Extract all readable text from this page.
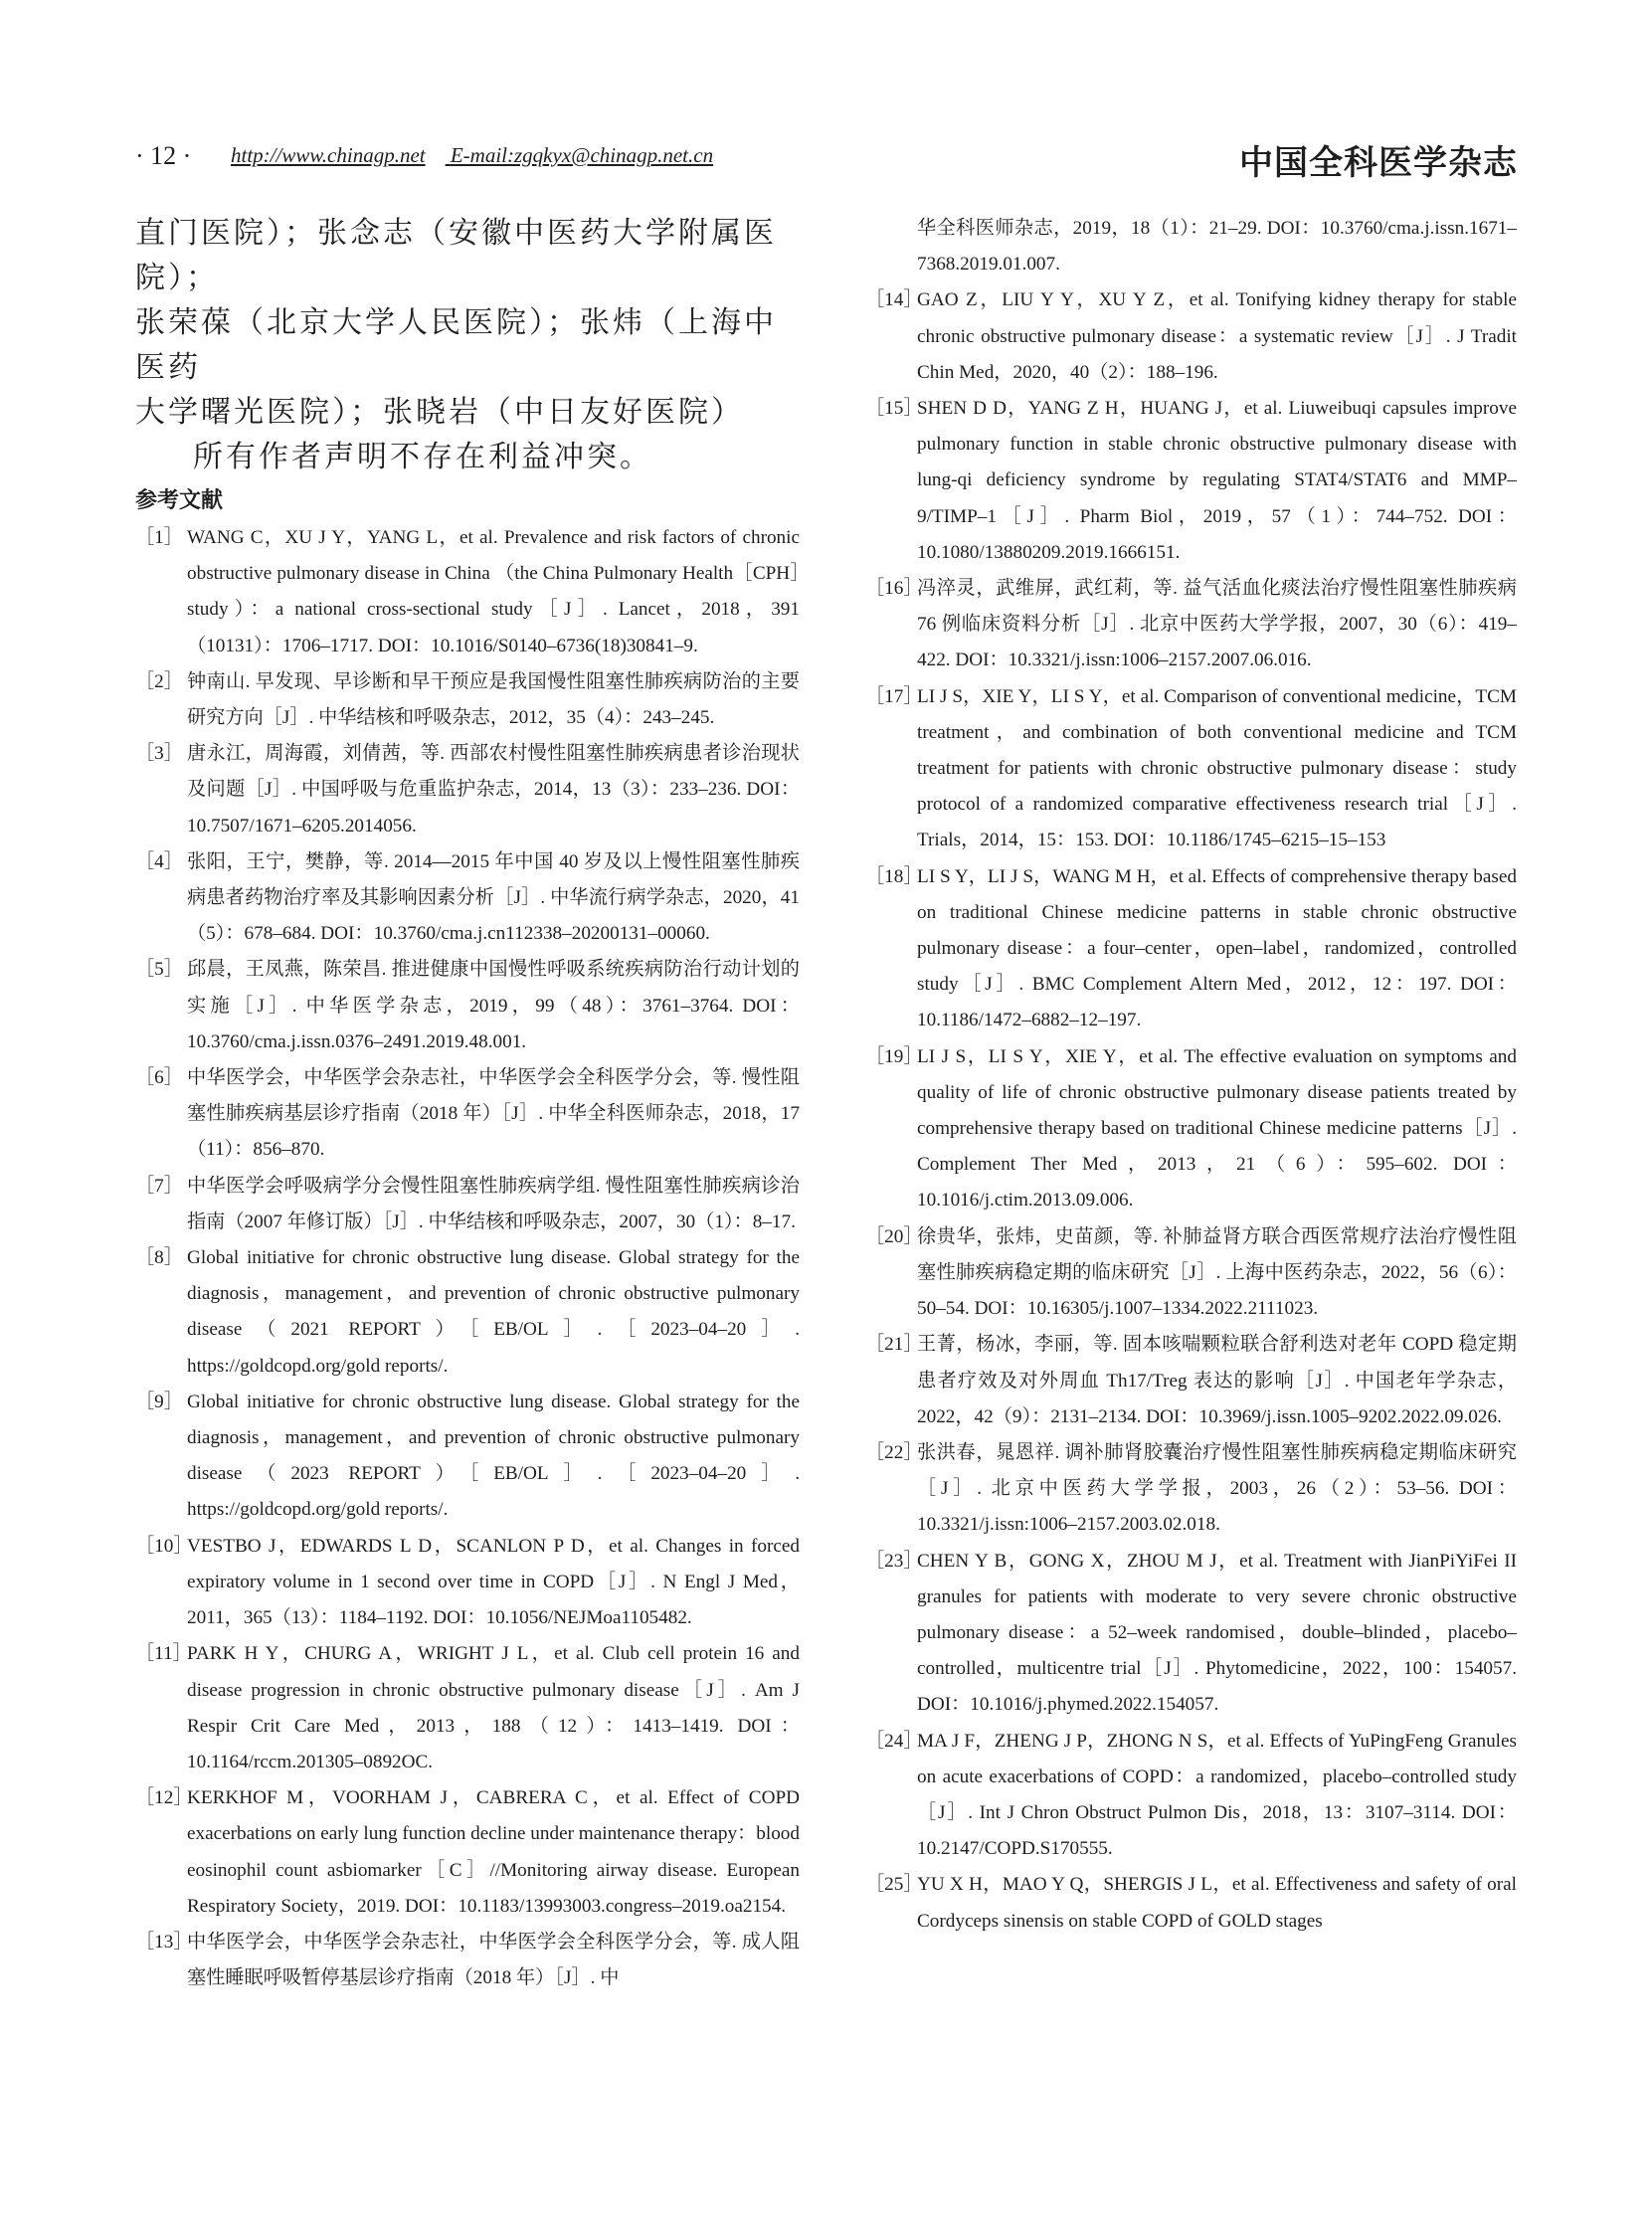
· 12 · http://www.chinagp.net E-mail:zgqkyx@chinagp.net.cn	中国全科医学杂志
直门医院）；张念志（安徽中医药大学附属医院）；
张荣葆（北京大学人民医院）；张炜（上海中医药
大学曙光医院）；张晓岩（中日友好医院）
所有作者声明不存在利益冲突。
参考文献
［1］ WANG C，XU J Y，YANG L，et al. Prevalence and risk factors of chronic obstructive pulmonary disease in China （the China Pulmonary Health［CPH］study）：a national cross-sectional study［J］. Lancet，2018，391（10131）：1706–1717. DOI：10.1016/S0140–6736(18)30841–9.
［2］ 钟南山. 早发现、早诊断和早干预应是我国慢性阻塞性肺疾病防治的主要研究方向［J］. 中华结核和呼吸杂志，2012，35（4）：243–245.
［3］ 唐永江，周海霞，刘倩茜，等. 西部农村慢性阻塞性肺疾病患者诊治现状及问题［J］. 中国呼吸与危重监护杂志，2014，13（3）：233–236. DOI：10.7507/1671–6205.2014056.
［4］ 张阳，王宁，樊静，等. 2014—2015 年中国 40 岁及以上慢性阻塞性肺疾病患者药物治疗率及其影响因素分析［J］. 中华流行病学杂志，2020，41（5）：678–684. DOI：10.3760/cma.j.cn112338–20200131–00060.
［5］ 邱晨，王凤燕，陈荣昌. 推进健康中国慢性呼吸系统疾病防治行动计划的实施［J］. 中华医学杂志，2019，99（48）：3761–3764. DOI：10.3760/cma.j.issn.0376–2491.2019.48.001.
［6］ 中华医学会，中华医学会杂志社，中华医学会全科医学分会，等. 慢性阻塞性肺疾病基层诊疗指南（2018 年）［J］. 中华全科医师杂志，2018，17（11）：856–870.
［7］ 中华医学会呼吸病学分会慢性阻塞性肺疾病学组. 慢性阻塞性肺疾病诊治指南（2007 年修订版）［J］. 中华结核和呼吸杂志，2007，30（1）：8–17.
［8］ Global initiative for chronic obstructive lung disease. Global strategy for the diagnosis，management，and prevention of chronic obstructive pulmonary disease（2021 REPORT）［EB/OL］.［2023–04–20］. https://goldcopd.org/gold reports/.
［9］ Global initiative for chronic obstructive lung disease. Global strategy for the diagnosis，management，and prevention of chronic obstructive pulmonary disease（2023 REPORT）［EB/OL］.［2023–04–20］. https://goldcopd.org/gold reports/.
［10］
VESTBO J，EDWARDS L D，SCANLON P D，et al. Changes in forced expiratory volume in 1 second over time in COPD［J］. N Engl J Med，2011，365（13）：1184–1192. DOI：10.1056/NEJMoa1105482.
［11］
PARK H Y，CHURG A，WRIGHT J L，et al. Club cell protein 16 and disease progression in chronic obstructive pulmonary disease［J］. Am J Respir Crit Care Med，2013，188（12）：1413–1419. DOI：10.1164/rccm.201305–0892OC.
［12］
KERKHOF M，VOORHAM J，CABRERA C，et al. Effect of COPD exacerbations on early lung function decline under maintenance therapy：blood eosinophil count asbiomarker［C］//Monitoring airway disease. European Respiratory Society，2019. DOI：10.1183/13993003.congress–2019.oa2154.
［13］
中华医学会，中华医学会杂志社，中华医学会全科医学分会，等. 成人阻塞性睡眠呼吸暂停基层诊疗指南（2018 年）［J］. 中
华全科医师杂志，2019，18（1）：21–29. DOI：10.3760/cma.j.issn.1671–7368.2019.01.007.
［14］
GAO Z，LIU Y Y，XU Y Z，et al. Tonifying kidney therapy for stable chronic obstructive pulmonary disease：a systematic review［J］. J Tradit Chin Med，2020，40（2）：188–196.
［15］
SHEN D D，YANG Z H，HUANG J，et al. Liuweibuqi capsules improve pulmonary function in stable chronic obstructive pulmonary disease with lung-qi deficiency syndrome by regulating STAT4/STAT6 and MMP–9/TIMP–1［J］. Pharm Biol，2019，57（1）：744–752. DOI：10.1080/13880209.2019.1666151.
［16］
冯淬灵，武维屏，武红莉，等. 益气活血化痰法治疗慢性阻塞性肺疾病 76 例临床资料分析［J］. 北京中医药大学学报，2007，30（6）：419–422. DOI：10.3321/j.issn:1006–2157.2007.06.016.
［17］
LI J S，XIE Y，LI S Y，et al. Comparison of conventional medicine，TCM treatment，and combination of both conventional medicine and TCM treatment for patients with chronic obstructive pulmonary disease：study protocol of a randomized comparative effectiveness research trial［J］. Trials，2014，15：153. DOI：10.1186/1745–6215–15–153
［18］
LI S Y，LI J S，WANG M H，et al. Effects of comprehensive therapy based on traditional Chinese medicine patterns in stable chronic obstructive pulmonary disease：a four–center，open–label，randomized，controlled study［J］. BMC Complement Altern Med，2012，12：197. DOI：10.1186/1472–6882–12–197.
［19］
LI J S，LI S Y，XIE Y，et al. The effective evaluation on symptoms and quality of life of chronic obstructive pulmonary disease patients treated by comprehensive therapy based on traditional Chinese medicine patterns［J］. Complement Ther Med，2013，21（6）：595–602. DOI：10.1016/j.ctim.2013.09.006.
［20］
徐贵华，张炜，史苗颜，等. 补肺益肾方联合西医常规疗法治疗慢性阻塞性肺疾病稳定期的临床研究［J］. 上海中医药杂志，2022，56（6）：50–54. DOI：10.16305/j.1007–1334.2022.2111023.
［21］
王菁，杨冰，李丽，等. 固本咳喘颗粒联合舒利迭对老年 COPD 稳定期患者疗效及对外周血 Th17/Treg 表达的影响［J］. 中国老年学杂志，2022，42（9）：2131–2134. DOI：10.3969/j.issn.1005–9202.2022.09.026.
［22］
张洪春，晁恩祥. 调补肺肾胶囊治疗慢性阻塞性肺疾病稳定期临床研究［J］. 北京中医药大学学报，2003，26（2）：53–56. DOI：10.3321/j.issn:1006–2157.2003.02.018.
［23］
CHEN Y B，GONG X，ZHOU M J，et al. Treatment with JianPiYiFei II granules for patients with moderate to very severe chronic obstructive pulmonary disease：a 52–week randomised，double–blinded，placebo–controlled，multicentre trial［J］. Phytomedicine，2022，100：154057. DOI：10.1016/j.phymed.2022.154057.
［24］
MA J F，ZHENG J P，ZHONG N S，et al. Effects of YuPingFeng Granules on acute exacerbations of COPD：a randomized，placebo–controlled study［J］. Int J Chron Obstruct Pulmon Dis，2018，13：3107–3114. DOI：10.2147/COPD.S170555.
［25］
YU X H，MAO Y Q，SHERGIS J L，et al. Effectiveness and safety of oral Cordyceps sinensis on stable COPD of GOLD stages
